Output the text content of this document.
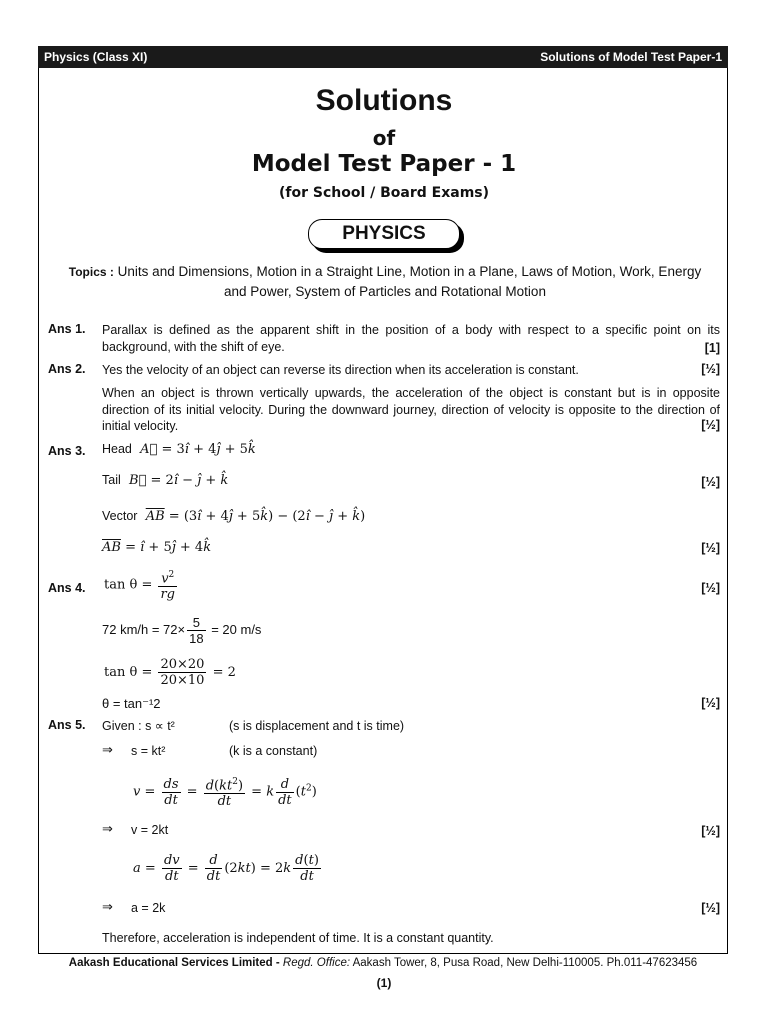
Physics (Class XI)	Solutions of Model Test Paper-1
Solutions
of
Model Test Paper - 1
(for School / Board Exams)
PHYSICS
Topics : Units and Dimensions, Motion in a Straight Line, Motion in a Plane, Laws of Motion, Work, Energy and Power, System of Particles and Rotational Motion
Ans 1. Parallax is defined as the apparent shift in the position of a body with respect to a specific point on its background, with the shift of eye.	[1]
Ans 2. Yes the velocity of an object can reverse its direction when its acceleration is constant.	[½]
When an object is thrown vertically upwards, the acceleration of the object is constant but is in opposite direction of its initial velocity. During the downward journey, direction of velocity is opposite to the direction of initial velocity.	[½]
Ans 3. Head A⃗ = 3î + 4ĵ + 5k̂
Tail B⃗ = 2î − ĵ + k̂	[½]
Vector $\overline{AB}$ = (3î + 4ĵ + 5k̂) − (2î − ĵ + k̂)
$\overline{AB}$ = î + 5ĵ + 4k̂	[½]
Ans 4. $\tan \theta = \frac{v^2}{rg}$	[½]
72 $km/h = 72\times \frac{5}{18} = 20$ m/s
$\tan \theta = \frac{20\times 20}{20\times 10} = 2$
θ = tan⁻¹2	[½]
Ans 5. Given : s ∝ t²	(s is displacement and t is time)
⇒ s = kt²	(k is a constant)
$v = \frac{ds}{dt} = \frac{d(kt^2)}{dt} = k \frac{d}{dt} (t^2)$
⇒ v = 2kt	[½]
$a = \frac{dv}{dt} = \frac{d}{dt} (2kt) = 2k \frac{d(t)}{dt}$
⇒ a = 2k	[½]
Therefore, acceleration is independent of time. It is a constant quantity.
Aakash Educational Services Limited - Regd. Office: Aakash Tower, 8, Pusa Road, New Delhi-110005. Ph.011-47623456
(1)
